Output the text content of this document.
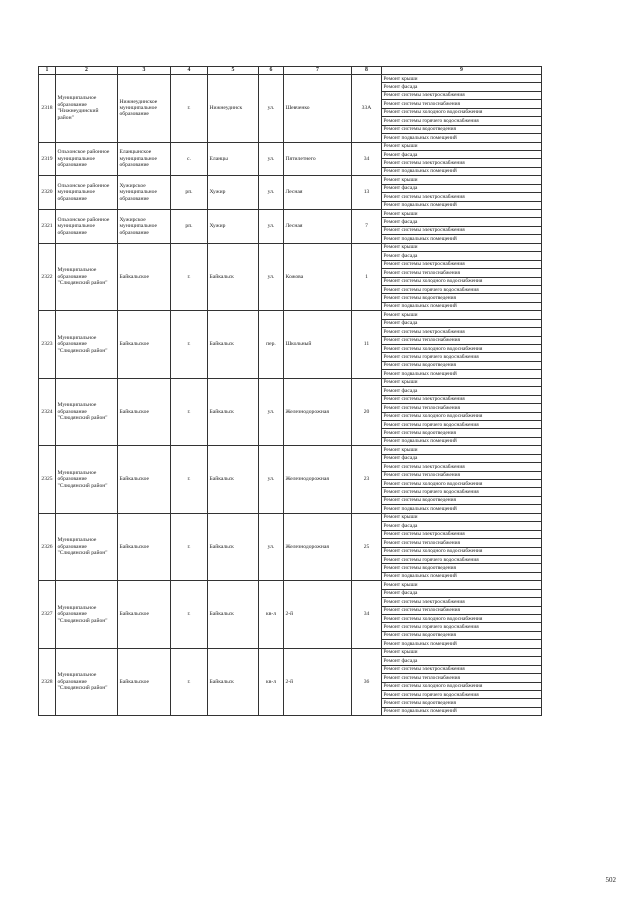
1	2	3	4	5	6	7	8	9
2318	Муниципальное образование "Нижнеудинский район"	Нижнеудинское муниципальное образование	г.	Нижнеудинск	ул.	Шевченко	33А	Ремонт крыши
								Ремонт фасада
								Ремонт системы электроснабжения
								Ремонт системы теплоснабжения
								Ремонт системы холодного водоснабжения
								Ремонт системы горячего водоснабжения
								Ремонт системы водоотведения
								Ремонт подвальных помещений
2319	Ольхонское районное муниципальное образование	Еланцынское муниципальное образование	с.	Еланцы	ул.	Пятилетнего	34	Ремонт крыши
								Ремонт фасада
								Ремонт системы электроснабжения
								Ремонт подвальных помещений
2320	Ольхонское районное муниципальное образование	Хужирское муниципальное образование	рп.	Хужир	ул.	Лесная	13	Ремонт крыши
								Ремонт фасада
								Ремонт системы электроснабжения
								Ремонт подвальных помещений
2321	Ольхонское районное муниципальное образование	Хужирское муниципальное образование	рп.	Хужир	ул.	Лесная	7	Ремонт крыши
								Ремонт фасада
								Ремонт системы электроснабжения
								Ремонт подвальных помещений
2322	Муниципальное образование "Слюдянский район"	Байкальское	г.	Байкальск	ул.	Кожова	1	Ремонт крыши
								Ремонт фасада
								Ремонт системы электроснабжения
								Ремонт системы теплоснабжения
								Ремонт системы холодного водоснабжения
								Ремонт системы горячего водоснабжения
								Ремонт системы водоотведения
								Ремонт подвальных помещений
2323	Муниципальное образование "Слюдянский район"	Байкальское	г.	Байкальск	пер.	Школьный	11	Ремонт крыши
								Ремонт фасада
								Ремонт системы электроснабжения
								Ремонт системы теплоснабжения
								Ремонт системы холодного водоснабжения
								Ремонт системы горячего водоснабжения
								Ремонт системы водоотведения
								Ремонт подвальных помещений
2324	Муниципальное образование "Слюдянский район"	Байкальское	г.	Байкальск	ул.	Железнодорожная	20	Ремонт крыши
								Ремонт фасада
								Ремонт системы электроснабжения
								Ремонт системы теплоснабжения
								Ремонт системы холодного водоснабжения
								Ремонт системы горячего водоснабжения
								Ремонт системы водоотведения
								Ремонт подвальных помещений
2325	Муниципальное образование "Слюдянский район"	Байкальское	г.	Байкальск	ул.	Железнодорожная	23	Ремонт крыши
								Ремонт фасада
								Ремонт системы электроснабжения
								Ремонт системы теплоснабжения
								Ремонт системы холодного водоснабжения
								Ремонт системы горячего водоснабжения
								Ремонт системы водоотведения
								Ремонт подвальных помещений
2326	Муниципальное образование "Слюдянский район"	Байкальское	г.	Байкальск	ул.	Железнодорожная	25	Ремонт крыши
								Ремонт фасада
								Ремонт системы электроснабжения
								Ремонт системы теплоснабжения
								Ремонт системы холодного водоснабжения
								Ремонт системы горячего водоснабжения
								Ремонт системы водоотведения
								Ремонт подвальных помещений
2327	Муниципальное образование "Слюдянский район"	Байкальское	г.	Байкальск	кв-л	2-й	34	Ремонт крыши
								Ремонт фасада
								Ремонт системы электроснабжения
								Ремонт системы теплоснабжения
								Ремонт системы холодного водоснабжения
								Ремонт системы горячего водоснабжения
								Ремонт системы водоотведения
								Ремонт подвальных помещений
2328	Муниципальное образование "Слюдянский район"	Байкальское	г.	Байкальск	кв-л	2-й	36	Ремонт крыши
								Ремонт фасада
								Ремонт системы электроснабжения
								Ремонт системы теплоснабжения
								Ремонт системы холодного водоснабжения
								Ремонт системы горячего водоснабжения
								Ремонт системы водоотведения
								Ремонт подвальных помещений
502
